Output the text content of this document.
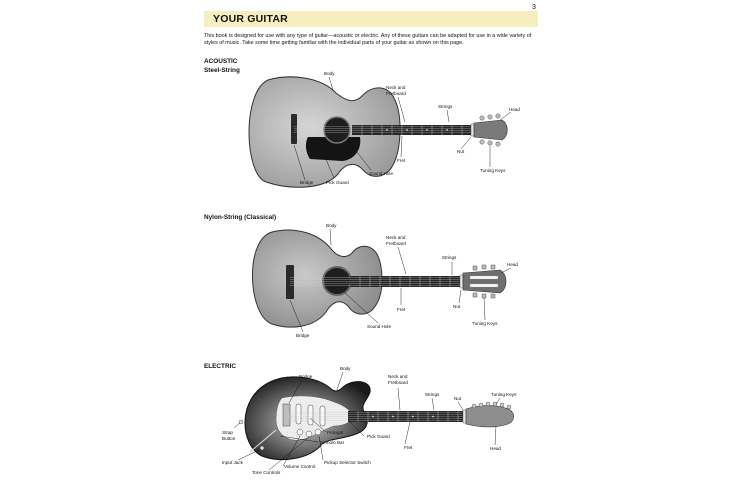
3
YOUR GUITAR

This book is designed for use with any type of guitar—acoustic or electric. Any of these guitars can be adapted for use in a wide variety of styles of music. Take some time getting familiar with the individual parts of your guitar as shown on this page.

ACOUSTIC
Steel-String
Nylon-String (Classical)
ELECTRIC
Body
Neck and
Fretboard
Strings
Head
Nut
Fret
Sound Hole
Pick Guard
Bridge
Tuning Keys
Body
Neck and
Fretboard
Strings
Head
Nut
Fret
Sound Hole
Bridge
Tuning Keys
Bridge
Body
Neck and
Fretboard
Strings
Nut
Tuning Keys
Strap
Button
Input Jack
Pickups
Tremolo Bar
Pick Guard
Fret	Head
Volume Control
Tone Controls
Pickup Selector Switch
